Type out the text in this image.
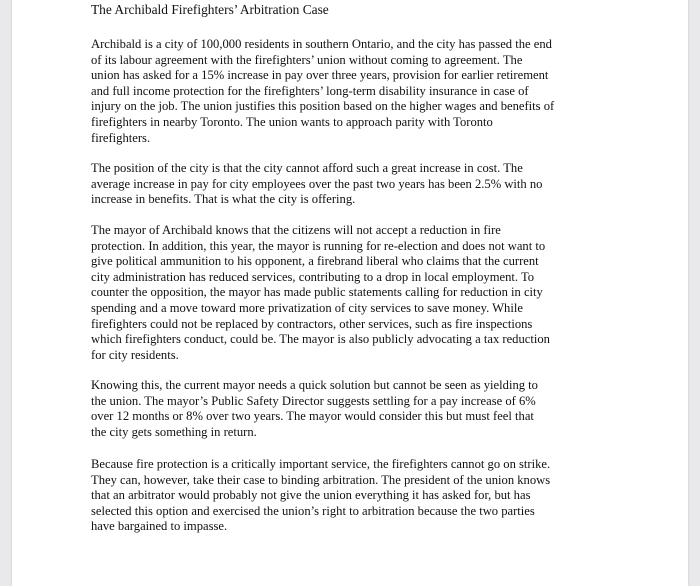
The Archibald Firefighters’ Arbitration Case

Archibald is a city of 100,000 residents in southern Ontario, and the city has passed the end
of its labour agreement with the firefighters’ union without coming to agreement. The
union has asked for a 15% increase in pay over three years, provision for earlier retirement
and full income protection for the firefighters’ long-term disability insurance in case of
injury on the job. The union justifies this position based on the higher wages and benefits of
firefighters in nearby Toronto. The union wants to approach parity with Toronto
firefighters.

The position of the city is that the city cannot afford such a great increase in cost. The
average increase in pay for city employees over the past two years has been 2.5% with no
increase in benefits. That is what the city is offering.

The mayor of Archibald knows that the citizens will not accept a reduction in fire
protection. In addition, this year, the mayor is running for re-election and does not want to
give political ammunition to his opponent, a firebrand liberal who claims that the current
city administration has reduced services, contributing to a drop in local employment. To
counter the opposition, the mayor has made public statements calling for reduction in city
spending and a move toward more privatization of city services to save money. While
firefighters could not be replaced by contractors, other services, such as fire inspections
which firefighters conduct, could be. The mayor is also publicly advocating a tax reduction
for city residents.

Knowing this, the current mayor needs a quick solution but cannot be seen as yielding to
the union. The mayor’s Public Safety Director suggests settling for a pay increase of 6%
over 12 months or 8% over two years. The mayor would consider this but must feel that
the city gets something in return.

Because fire protection is a critically important service, the firefighters cannot go on strike.
They can, however, take their case to binding arbitration. The president of the union knows
that an arbitrator would probably not give the union everything it has asked for, but has
selected this option and exercised the union’s right to arbitration because the two parties
have bargained to impasse.
